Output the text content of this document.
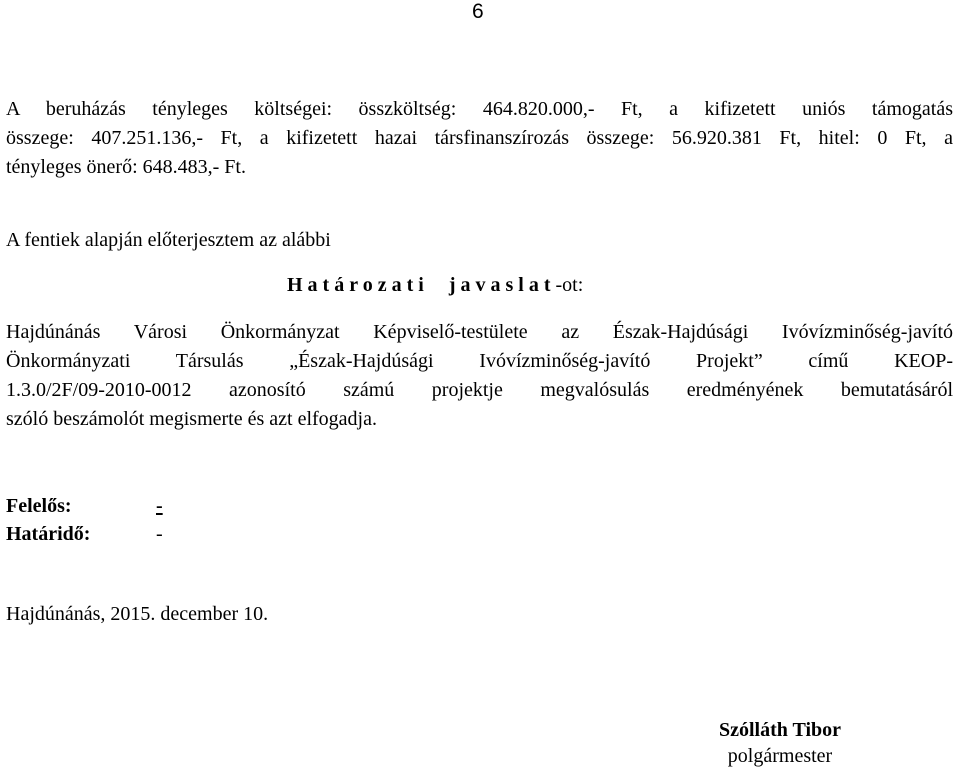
6
A beruházás tényleges költségei: összköltség: 464.820.000,- Ft, a kifizetett uniós támogatás
összege: 407.251.136,- Ft, a kifizetett hazai társfinanszírozás összege: 56.920.381 Ft, hitel: 0 Ft, a
tényleges önerő: 648.483,- Ft.
A fentiek alapján előterjesztem az alábbi
H a t á r o z a t i j a v a s l a t -ot:
Hajdúnánás Városi Önkormányzat Képviselő-testülete az Észak-Hajdúsági Ivóvízminőség-javító
Önkormányzati Társulás „Észak-Hajdúsági Ivóvízminőség-javító Projekt” című KEOP-
1.3.0/2F/09-2010-0012 azonosító számú projektje megvalósulás eredményének bemutatásáról
szóló beszámolót megismerte és azt elfogadja.
Felelős:	-
Határidő:	-
Hajdúnánás, 2015. december 10.
Szólláth Tibor
polgármester
